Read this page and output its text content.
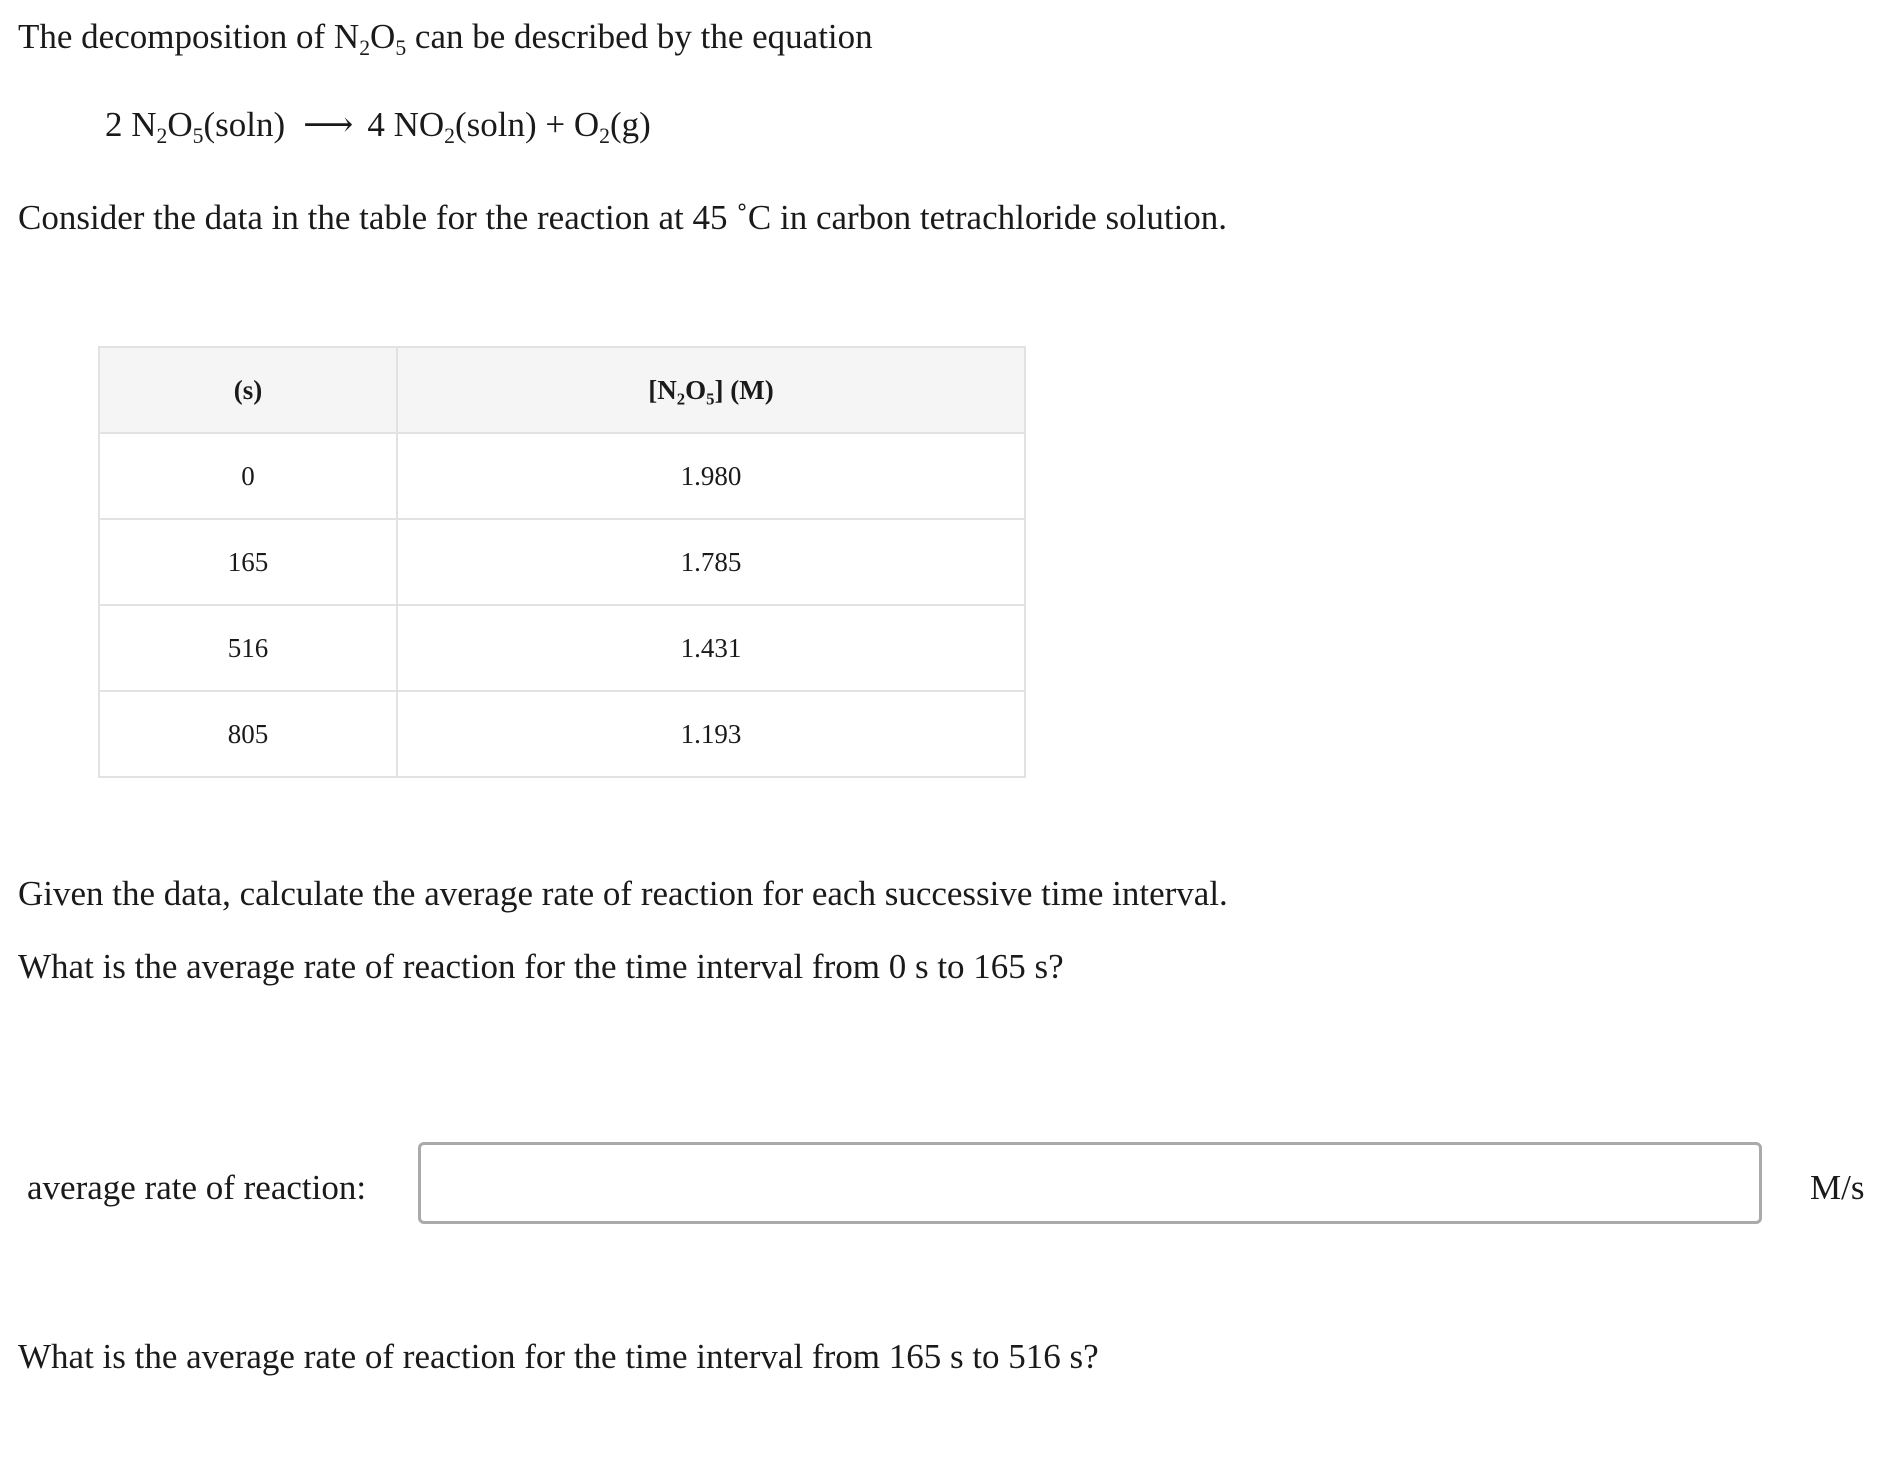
The decomposition of $N_2O_5$ can be described by the equation

2 $N_2O_5(soln)$ ⟶ 4 $NO_2(soln) + O_2(g)$

Consider the data in the table for the reaction at 45 ˚C in carbon tetrachloride solution.

(s)	$[N_2O_5]$ (M)
0	1.980
165	1.785
516	1.431
805	1.193

Given the data, calculate the average rate of reaction for each successive time interval.

What is the average rate of reaction for the time interval from 0 s to 165 s?

average rate of reaction:	M/s

What is the average rate of reaction for the time interval from 165 s to 516 s?
